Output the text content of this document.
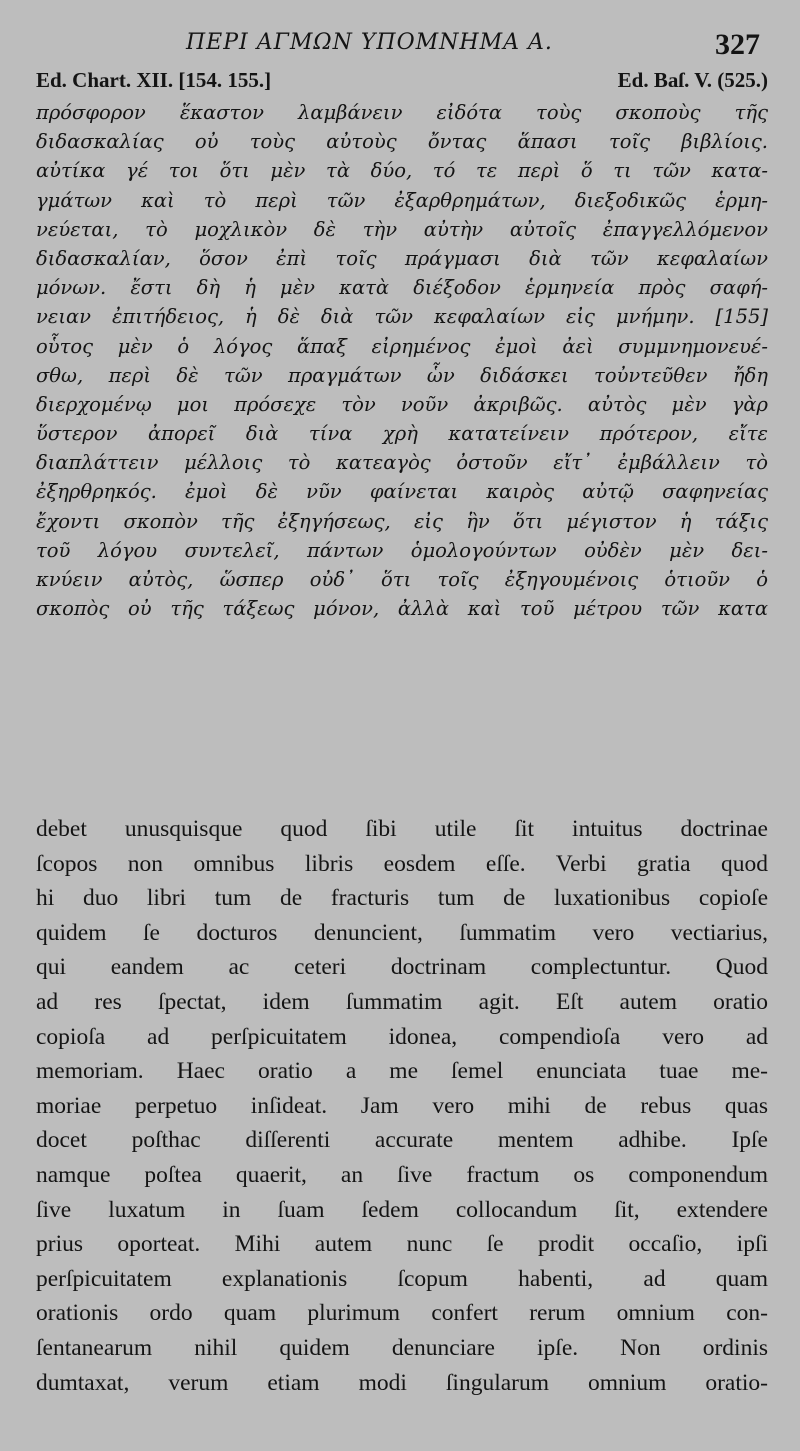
ΠΕΡΙ ΑΓΜΩΝ ΥΠΟΜΝΗΜΑ Α.	327
Ed. Chart. XII. [154. 155.]	Ed. Baſ. V. (525.)
πρόσφορον ἕκαστον λαμβάνειν εἰδότα τοὺς σκοποὺς τῆς
διδασκαλίας οὐ τοὺς αὐτοὺς ὄντας ἅπασι τοῖς βιβλίοις.
αὐτίκα γέ τοι ὅτι μὲν τὰ δύο, τό τε περὶ ὅ τι τῶν κατα-
γμάτων καὶ τὸ περὶ τῶν ἐξαρθρημάτων, διεξοδικῶς ἑρμη-
νεύεται, τὸ μοχλικὸν δὲ τὴν αὐτὴν αὐτοῖς ἐπαγγελλόμενον
διδασκαλίαν, ὅσον ἐπὶ τοῖς πράγμασι διὰ τῶν κεφαλαίων
μόνων. ἔστι δὴ ἡ μὲν κατὰ διέξοδον ἑρμηνεία πρὸς σαφή-
νειαν ἐπιτήδειος, ἡ δὲ διὰ τῶν κεφαλαίων εἰς μνήμην. [155]
οὗτος μὲν ὁ λόγος ἅπαξ εἰρημένος ἐμοὶ ἀεὶ συμμνημονευέ-
σθω, περὶ δὲ τῶν πραγμάτων ὧν διδάσκει τοὐντεῦθεν ἤδη
διερχομένῳ μοι πρόσεχε τὸν νοῦν ἀκριβῶς. αὐτὸς μὲν γὰρ
ὕστερον ἀπορεῖ διὰ τίνα χρὴ κατατείνειν πρότερον, εἴτε
διαπλάττειν μέλλοις τὸ κατεαγὸς ὀστοῦν εἴτ᾽ ἐμβάλλειν τὸ
ἐξηρθρηκός. ἐμοὶ δὲ νῦν φαίνεται καιρὸς αὐτῷ σαφηνείας
ἔχοντι σκοπὸν τῆς ἐξηγήσεως, εἰς ἣν ὅτι μέγιστον ἡ τάξις
τοῦ λόγου συντελεῖ, πάντων ὁμολογούντων οὐδὲν μὲν δει-
κνύειν αὐτὸς, ὥσπερ οὐδ᾽ ὅτι τοῖς ἐξηγουμένοις ὁτιοῦν ὁ
σκοπὸς οὐ τῆς τάξεως μόνον, ἀλλὰ καὶ τοῦ μέτρου τῶν κατα
debet unusquisque quod ſibi utile ſit intuitus doctrinae
ſcopos non omnibus libris eosdem eſſe. Verbi gratia quod
hi duo libri tum de fracturis tum de luxationibus copioſe
quidem ſe docturos denuncient, ſummatim vero vectiarius,
qui eandem ac ceteri doctrinam complectuntur. Quod
ad res ſpectat, idem ſummatim agit. Eſt autem oratio
copioſa ad perſpicuitatem idonea, compendioſa vero ad
memoriam. Haec oratio a me ſemel enunciata tuae me-
moriae perpetuo inſideat. Jam vero mihi de rebus quas
docet poſthac diſſerenti accurate mentem adhibe. Ipſe
namque poſtea quaerit, an ſive fractum os componendum
ſive luxatum in ſuam ſedem collocandum ſit, extendere
prius oporteat. Mihi autem nunc ſe prodit occaſio, ipſi
perſpicuitatem explanationis ſcopum habenti, ad quam
orationis ordo quam plurimum confert rerum omnium con-
ſentanearum nihil quidem denunciare ipſe. Non ordinis
dumtaxat, verum etiam modi ſingularum omnium oratio-
